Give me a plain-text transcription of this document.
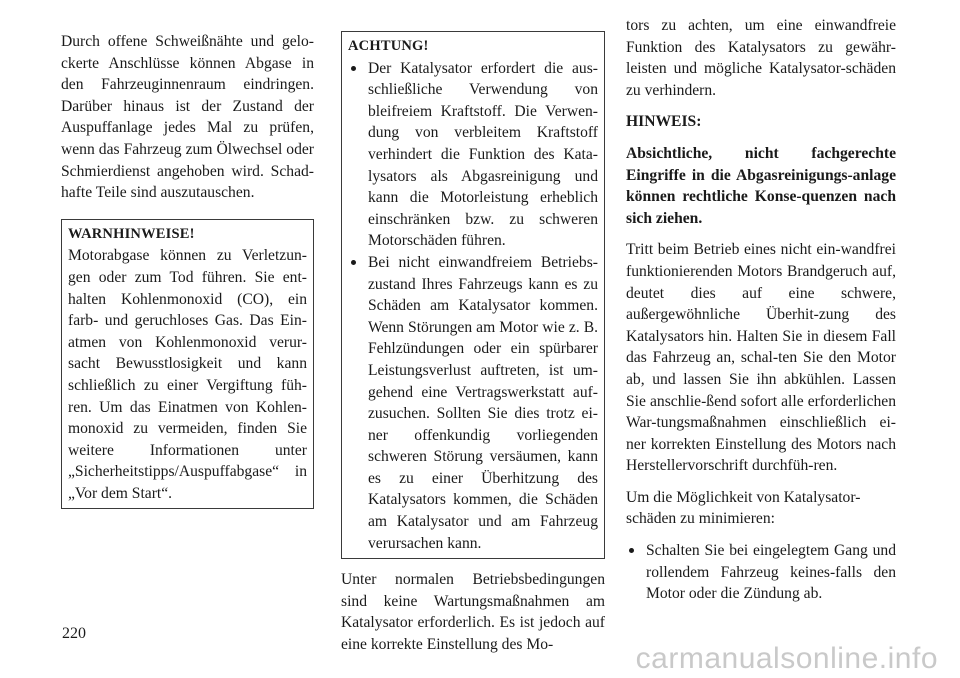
Durch offene Schweißnähte und gelo-ckerte Anschlüsse können Abgase in den Fahrzeuginnenraum eindringen. Darüber hinaus ist der Zustand der Auspuffanlage jedes Mal zu prüfen, wenn das Fahrzeug zum Ölwechsel oder Schmierdienst angehoben wird. Schad-hafte Teile sind auszutauschen.

WARNHINWEISE!

Motorabgase können zu Verletzun-gen oder zum Tod führen. Sie ent-halten Kohlenmonoxid (CO), ein farb- und geruchloses Gas. Das Ein-atmen von Kohlenmonoxid verur-sacht Bewusstlosigkeit und kann schließlich zu einer Vergiftung füh-ren. Um das Einatmen von Kohlen-monoxid zu vermeiden, finden Sie weitere Informationen unter „Sicherheitstipps/Auspuffabgase“ in „Vor dem Start“.

ACHTUNG!
Der Katalysator erfordert die aus-schließliche Verwendung von bleifreiem Kraftstoff. Die Verwen-dung von verbleitem Kraftstoff verhindert die Funktion des Kata-lysators als Abgasreinigung und kann die Motorleistung erheblich einschränken bzw. zu schweren Motorschäden führen.
Bei nicht einwandfreiem Betriebs-zustand Ihres Fahrzeugs kann es zu Schäden am Katalysator kommen. Wenn Störungen am Motor wie z. B. Fehlzündungen oder ein spürbarer Leistungsverlust auftreten, ist um-gehend eine Vertragswerkstatt auf-zusuchen. Sollten Sie dies trotz ei-ner offenkundig vorliegenden schweren Störung versäumen, kann es zu einer Überhitzung des Katalysators kommen, die Schäden am Katalysator und am Fahrzeug verursachen kann.

Unter normalen Betriebsbedingungen sind keine Wartungsmaßnahmen am Katalysator erforderlich. Es ist jedoch auf eine korrekte Einstellung des Mo-

tors zu achten, um eine einwandfreie Funktion des Katalysators zu gewähr-leisten und mögliche Katalysator-schäden zu verhindern.

HINWEIS:

Absichtliche, nicht fachgerechte Eingriffe in die Abgasreinigungs-anlage können rechtliche Konse-quenzen nach sich ziehen.

Tritt beim Betrieb eines nicht ein-wandfrei funktionierenden Motors Brandgeruch auf, deutet dies auf eine schwere, außergewöhnliche Überhit-zung des Katalysators hin. Halten Sie in diesem Fall das Fahrzeug an, schal-ten Sie den Motor ab, und lassen Sie ihn abkühlen. Lassen Sie anschlie-ßend sofort alle erforderlichen War-tungsmaßnahmen einschließlich ei-ner korrekten Einstellung des Motors nach Herstellervorschrift durchfüh-ren.

Um die Möglichkeit von Katalysator-schäden zu minimieren:

Schalten Sie bei eingelegtem Gang und rollendem Fahrzeug keines-falls den Motor oder die Zündung ab.
220
carmanualsonline.info
